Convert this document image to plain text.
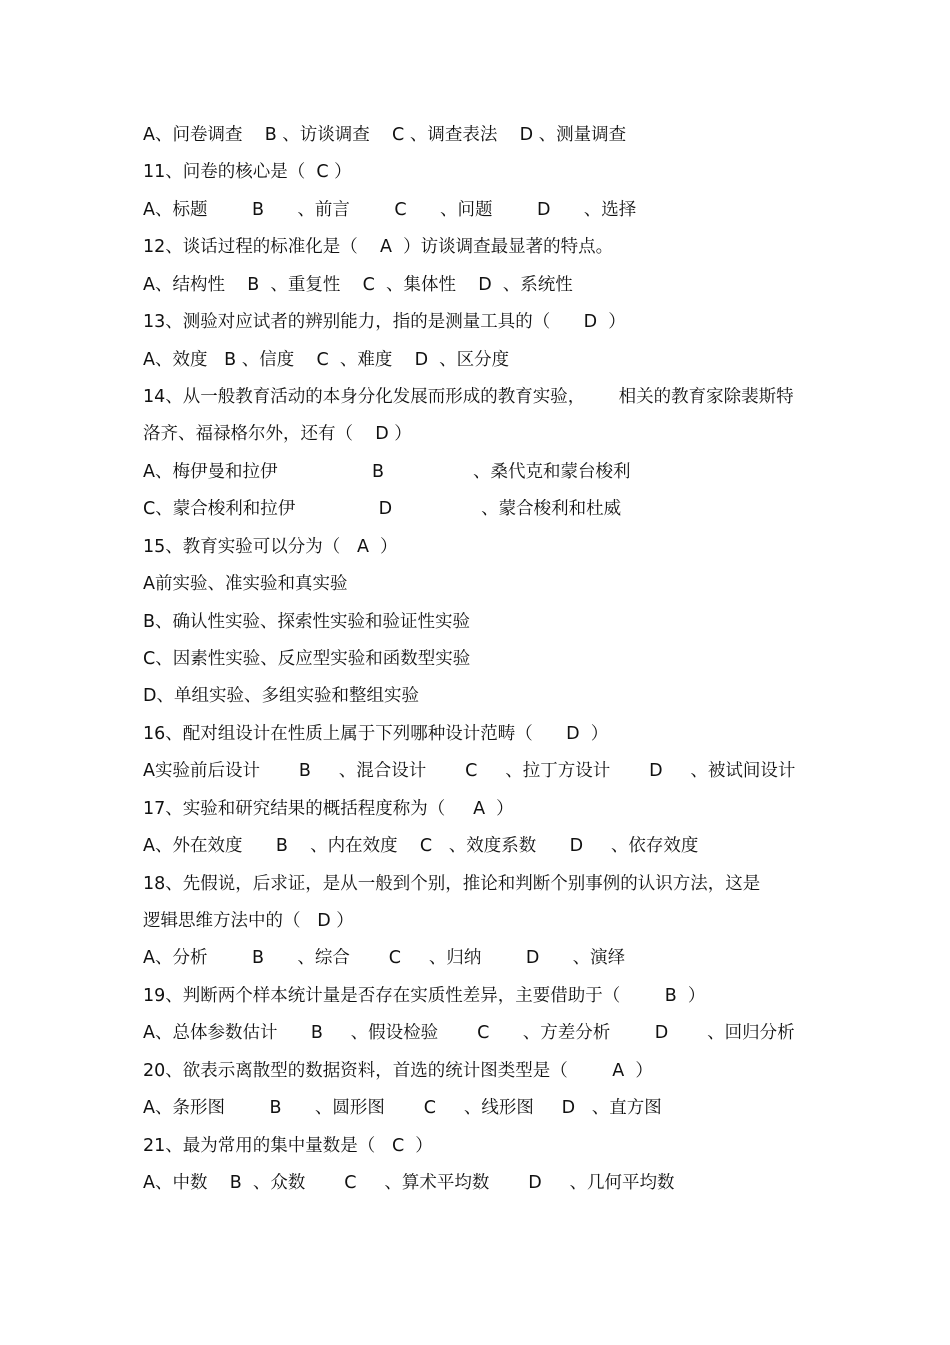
A、问卷调查    B 、访谈调查    C 、调查表法    D 、测量调查
11、问卷的核心是（  C ）
A、标题        B      、前言        C      、问题        D      、选择
12、谈话过程的标准化是（    A  ）访谈调查最显著的特点。
A、结构性    B  、重复性    C  、集体性    D  、系统性
13、测验对应试者的辨别能力，指的是测量工具的（      D  ）
A、效度   B 、信度    C  、难度    D  、区分度
14、从一般教育活动的本身分化发展而形成的教育实验，      相关的教育家除裴斯特
洛齐、福禄格尔外，还有（    D ）
A、梅伊曼和拉伊                 B                、桑代克和蒙台梭利
C、蒙合梭利和拉伊               D                、蒙合梭利和杜威
15、教育实验可以分为（   A  ）
A前实验、准实验和真实验
B、确认性实验、探索性实验和验证性实验
C、因素性实验、反应型实验和函数型实验
D、单组实验、多组实验和整组实验
16、配对组设计在性质上属于下列哪种设计范畴（      D  ）
A实验前后设计       B     、混合设计       C     、拉丁方设计       D     、被试间设计
17、实验和研究结果的概括程度称为（     A  ）
A、外在效度      B    、内在效度    C   、效度系数      D     、依存效度
18、先假说，后求证，是从一般到个别，推论和判断个别事例的认识方法，这是
逻辑思维方法中的（   D ）
A、分析        B      、综合       C     、归纳        D      、演绎
19、判断两个样本统计量是否存在实质性差异，主要借助于（        B  ）
A、总体参数估计      B     、假设检验       C      、方差分析        D       、回归分析
20、欲表示离散型的数据资料，首选的统计图类型是（        A  ）
A、条形图        B      、圆形图       C     、线形图     D   、直方图
21、最为常用的集中量数是（   C  ）
A、中数    B  、众数       C     、算术平均数       D     、几何平均数
